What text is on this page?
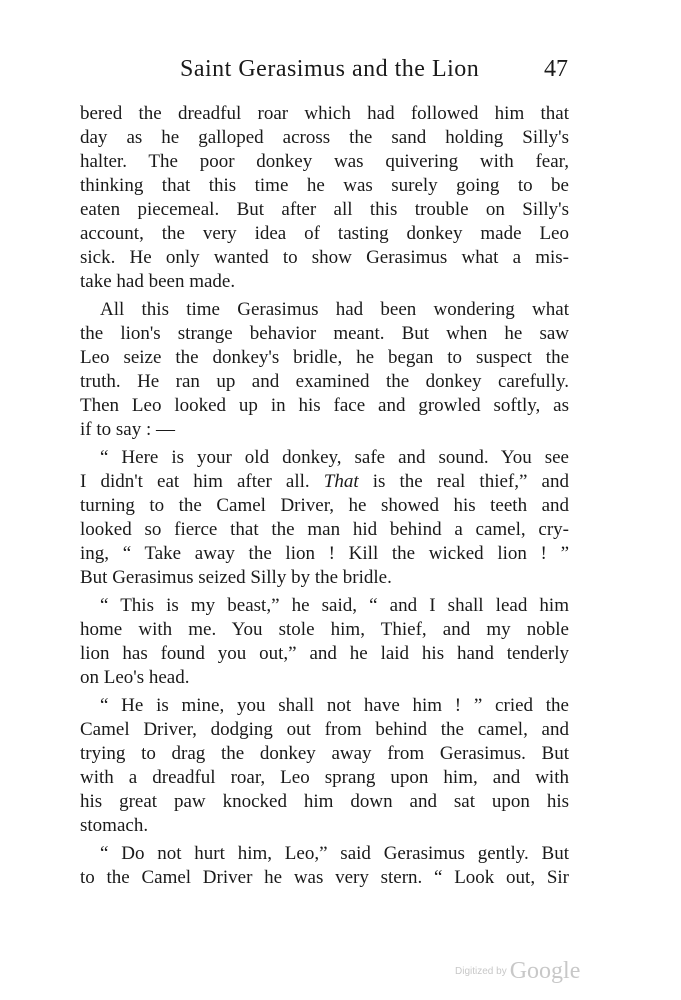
Saint Gerasimus and the Lion	47
bered the dreadful roar which had followed him that
day as he galloped across the sand holding Silly's
halter. The poor donkey was quivering with fear,
thinking that this time he was surely going to be
eaten piecemeal. But after all this trouble on Silly's
account, the very idea of tasting donkey made Leo
sick. He only wanted to show Gerasimus what a mis-
take had been made.
All this time Gerasimus had been wondering what
the lion's strange behavior meant. But when he saw
Leo seize the donkey's bridle, he began to suspect the
truth. He ran up and examined the donkey carefully.
Then Leo looked up in his face and growled softly, as
if to say : —
“ Here is your old donkey, safe and sound. You see
I didn't eat him after all. That is the real thief,” and
turning to the Camel Driver, he showed his teeth and
looked so fierce that the man hid behind a camel, cry-
ing, “ Take away the lion ! Kill the wicked lion ! ”
But Gerasimus seized Silly by the bridle.
“ This is my beast,” he said, “ and I shall lead him
home with me. You stole him, Thief, and my noble
lion has found you out,” and he laid his hand tenderly
on Leo's head.
“ He is mine, you shall not have him ! ” cried the
Camel Driver, dodging out from behind the camel, and
trying to drag the donkey away from Gerasimus. But
with a dreadful roar, Leo sprang upon him, and with
his great paw knocked him down and sat upon his
stomach.
“ Do not hurt him, Leo,” said Gerasimus gently. But
to the Camel Driver he was very stern. “ Look out, Sir
Digitized by Google
